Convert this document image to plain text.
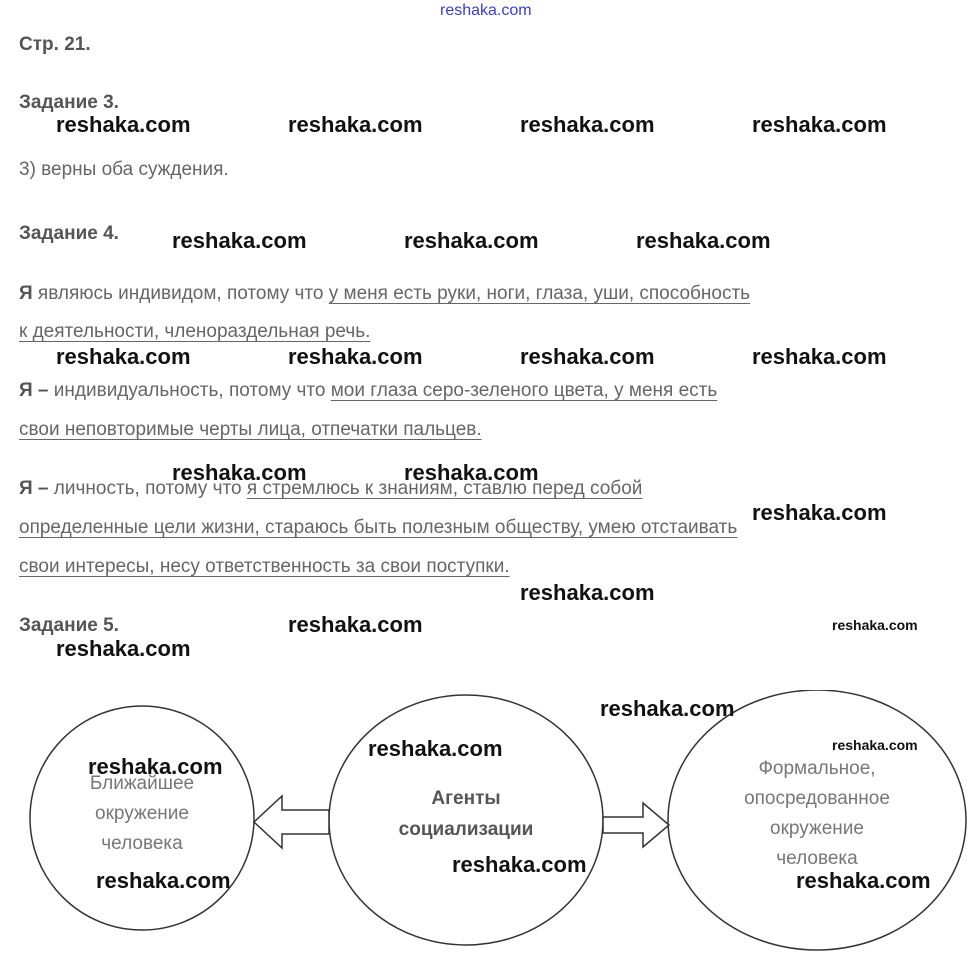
reshaka.com
Стр. 21.
Задание 3.
3) верны оба суждения.
Задание 4.
Я являюсь индивидом, потому что у меня есть руки, ноги, глаза, уши, способность
к деятельности, членораздельная речь.
Я – индивидуальность, потому что мои глаза серо-зеленого цвета, у меня есть
свои неповторимые черты лица, отпечатки пальцев.
Я – личность, потому что я стремлюсь к знаниям, ставлю перед собой
определенные цели жизни, стараюсь быть полезным обществу, умею отстаивать
свои интересы, несу ответственность за свои поступки.
Задание 5.
Ближайшее
окружение
человека
Агенты
социализации
Формальное,
опосредованное
окружение
человека
reshaka.com	reshaka.com	reshaka.com	reshaka.com
reshaka.com	reshaka.com	reshaka.com
reshaka.com	reshaka.com	reshaka.com	reshaka.com
reshaka.com	reshaka.com
reshaka.com
reshaka.com
reshaka.com	reshaka.com
reshaka.com
reshaka.com
reshaka.com	reshaka.com
reshaka.com
reshaka.com
reshaka.com	reshaka.com
